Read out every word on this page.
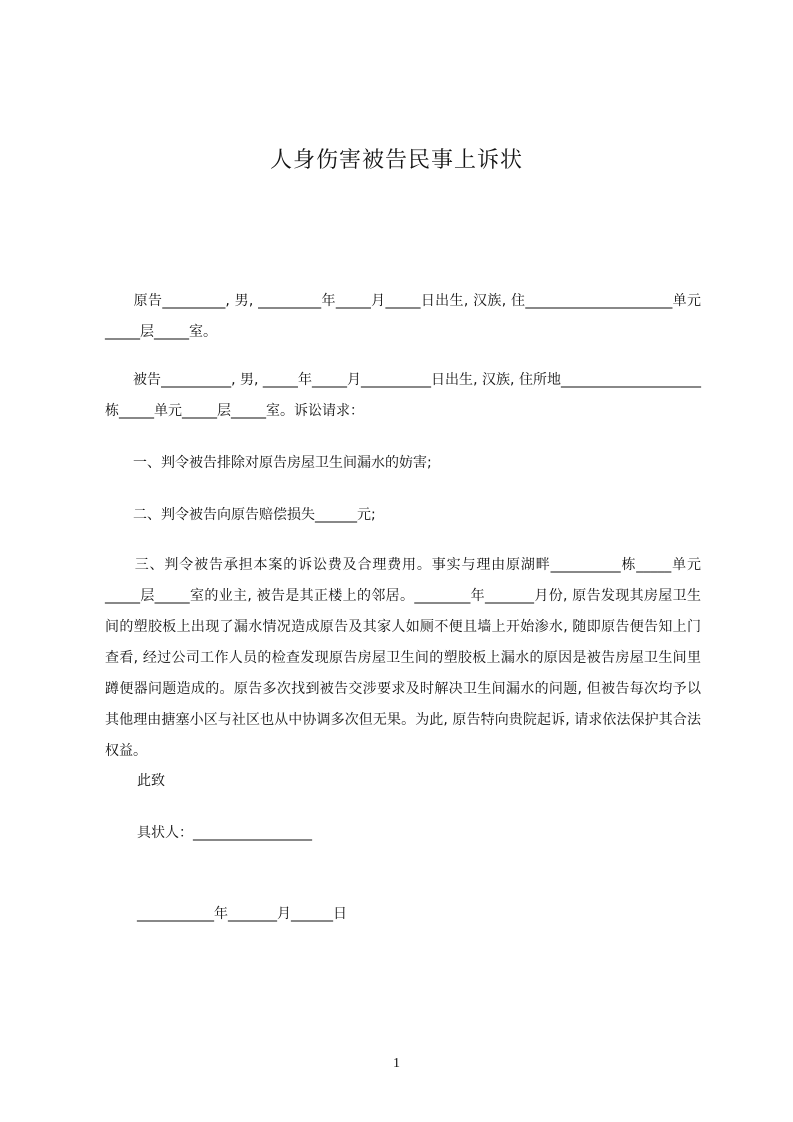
人身伤害被告民事上诉状

　　原告_________, 男, _________年_____月_____日出生, 汉族, 住_____________________单元_____层_____室。

　　被告__________, 男, _____年_____月__________日出生, 汉族, 住所地____________________栋_____单元_____层_____室。诉讼请求：

　　一、判令被告排除对原告房屋卫生间漏水的妨害;

　　二、判令被告向原告赔偿损失______元;

　　三、判令被告承担本案的诉讼费及合理费用。事实与理由原湖畔__________栋_____单元_____层_____室的业主, 被告是其正楼上的邻居。________年_______月份, 原告发现其房屋卫生间的塑胶板上出现了漏水情况造成原告及其家人如厕不便且墙上开始渗水, 随即原告便告知上门查看, 经过公司工作人员的检查发现原告房屋卫生间的塑胶板上漏水的原因是被告房屋卫生间里蹲便器问题造成的。原告多次找到被告交涉要求及时解决卫生间漏水的问题, 但被告每次均予以其他理由搪塞小区与社区也从中协调多次但无果。为此, 原告特向贵院起诉, 请求依法保护其合法权益。

此致

具状人：_________________

___________年_______月______日

1
